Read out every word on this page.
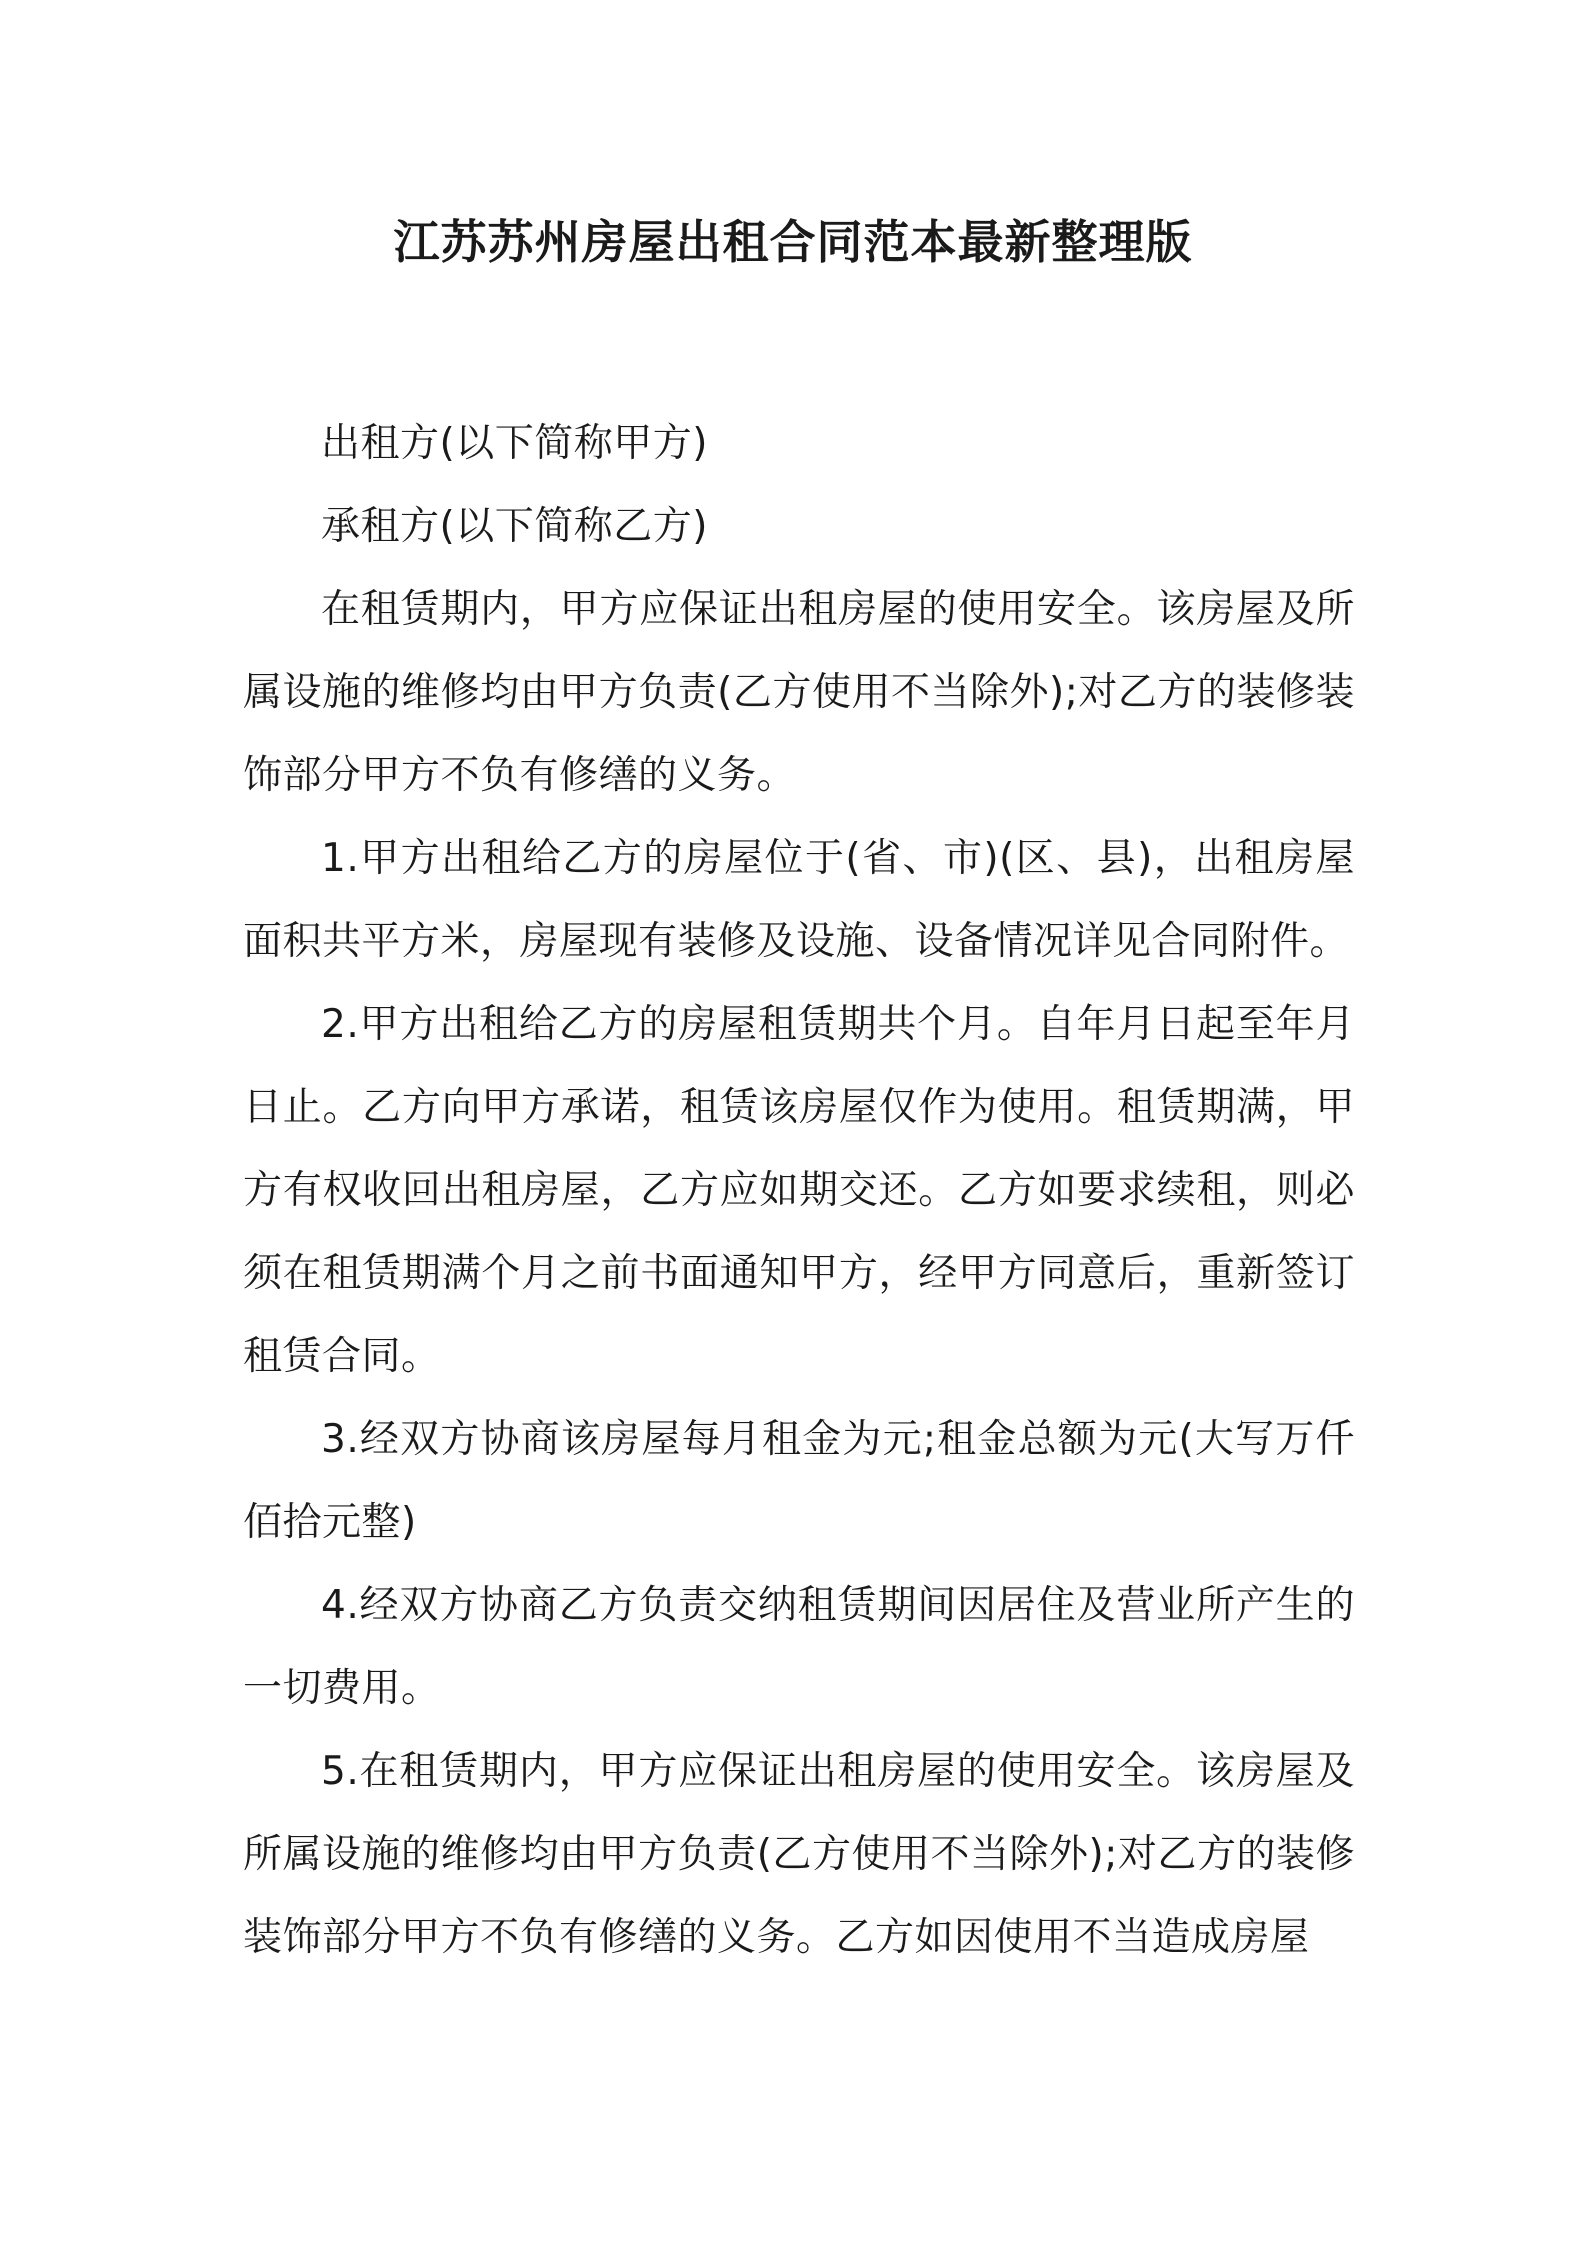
江苏苏州房屋出租合同范本最新整理版

出租方(以下简称甲方)

承租方(以下简称乙方)

在租赁期内，甲方应保证出租房屋的使用安全。该房屋及所属设施的维修均由甲方负责(乙方使用不当除外);对乙方的装修装饰部分甲方不负有修缮的义务。

1.甲方出租给乙方的房屋位于(省、市)(区、县)，出租房屋面积共平方米，房屋现有装修及设施、设备情况详见合同附件。

2.甲方出租给乙方的房屋租赁期共个月。自年月日起至年月日止。乙方向甲方承诺，租赁该房屋仅作为使用。租赁期满，甲方有权收回出租房屋，乙方应如期交还。乙方如要求续租，则必须在租赁期满个月之前书面通知甲方，经甲方同意后，重新签订租赁合同。

3.经双方协商该房屋每月租金为元;租金总额为元(大写万仟佰拾元整)

4.经双方协商乙方负责交纳租赁期间因居住及营业所产生的一切费用。

5.在租赁期内，甲方应保证出租房屋的使用安全。该房屋及所属设施的维修均由甲方负责(乙方使用不当除外);对乙方的装修装饰部分甲方不负有修缮的义务。乙方如因使用不当造成房屋
